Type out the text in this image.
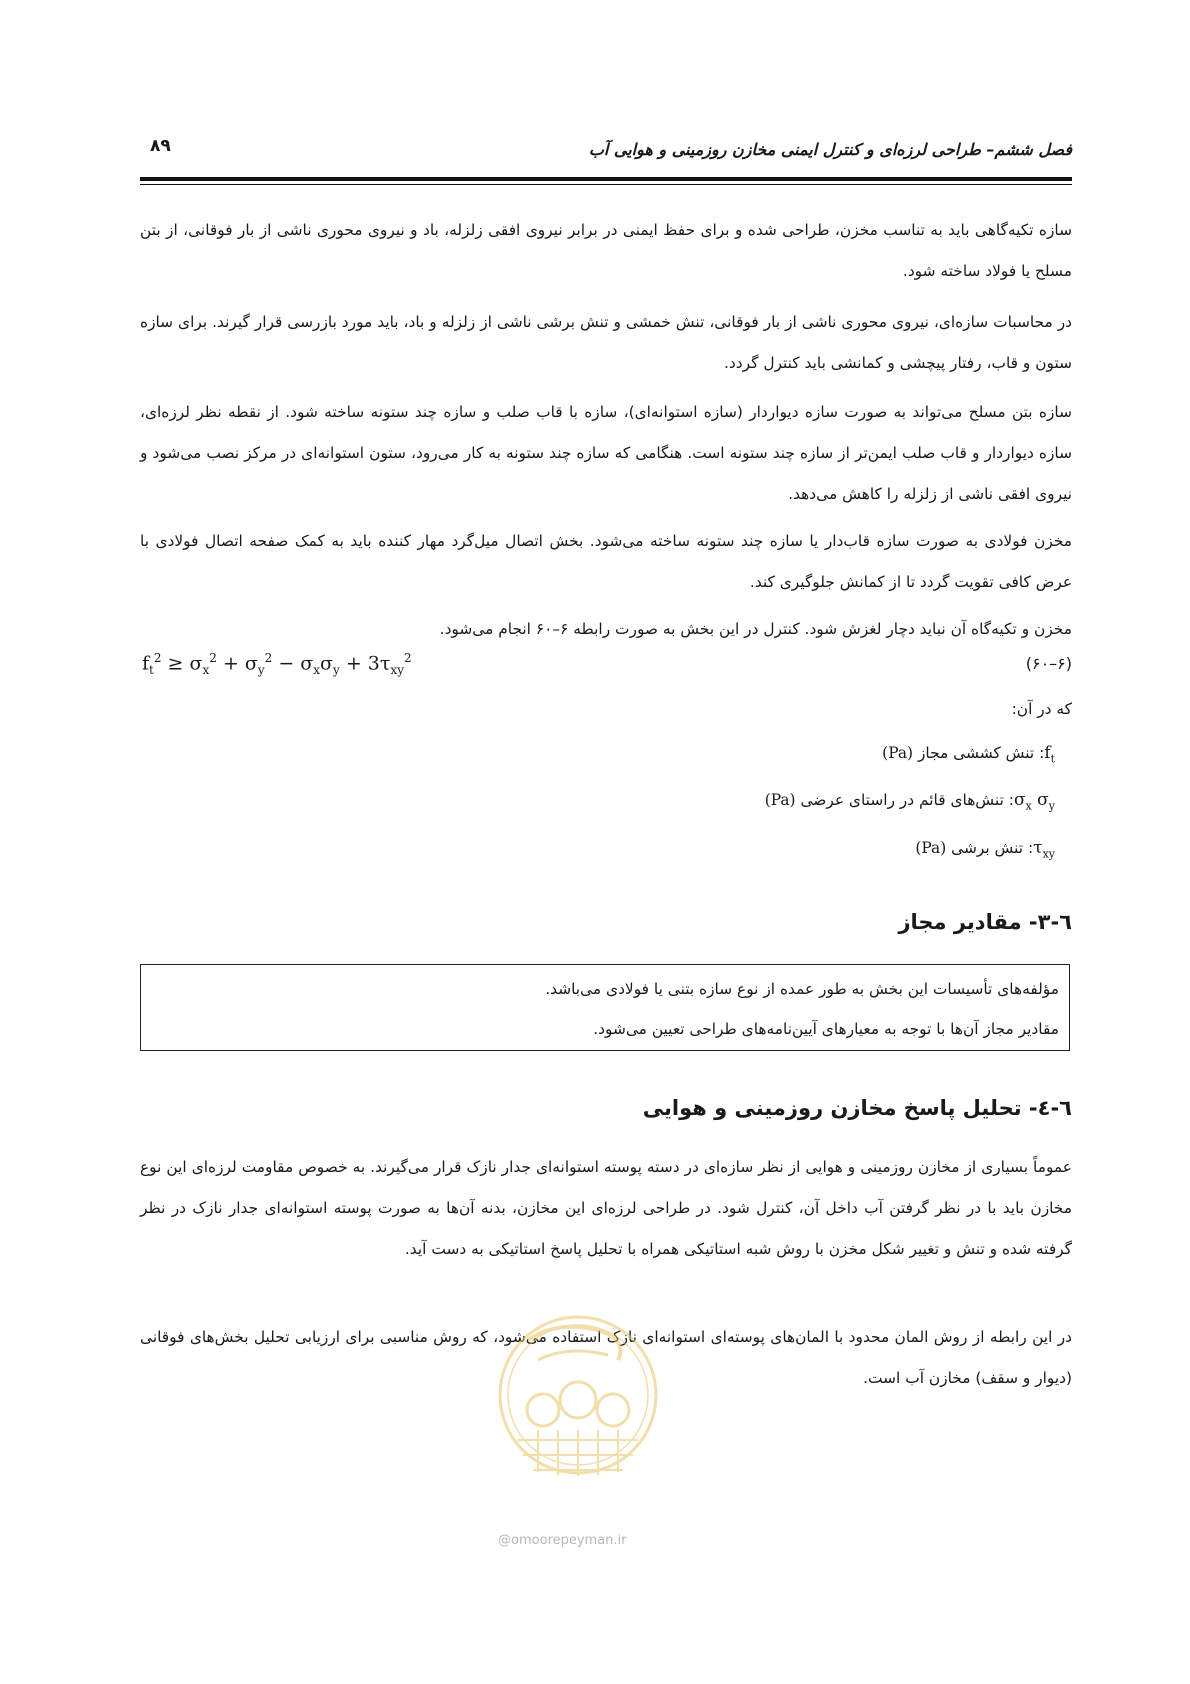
۸۹	فصل ششم– طراحی لرزه‌ای و کنترل ایمنی مخازن روزمینی و هوایی آب

سازه تکیه‌گاهی باید به تناسب مخزن، طراحی شده و برای حفظ ایمنی در برابر نیروی افقی زلزله، باد و نیروی محوری ناشی از بار فوقانی، از بتن مسلح یا فولاد ساخته شود.

در محاسبات سازه‌ای، نیروی محوری ناشی از بار فوقانی، تنش خمشی و تنش برشی ناشی از زلزله و باد، باید مورد بازرسی قرار گیرند. برای سازه ستون و قاب، رفتار پیچشی و کمانشی باید کنترل گردد.

سازه بتن مسلح می‌تواند به صورت سازه دیواردار (سازه استوانه‌ای)، سازه با قاب صلب و سازه چند ستونه ساخته شود. از نقطه نظر لرزه‌ای، سازه دیواردار و قاب صلب ایمن‌تر از سازه چند ستونه است. هنگامی که سازه چند ستونه به کار می‌رود، ستون استوانه‌ای در مرکز نصب می‌شود و نیروی افقی ناشی از زلزله را کاهش می‌دهد.

مخزن فولادی به صورت سازه قاب‌دار یا سازه چند ستونه ساخته می‌شود. بخش اتصال میل‌گرد مهار کننده باید به کمک صفحه اتصال فولادی با عرض کافی تقویت گردد تا از کمانش جلوگیری کند.

مخزن و تکیه‌گاه آن نباید دچار لغزش شود. کنترل در این بخش به صورت رابطه ۶–۶۰ انجام می‌شود.

$f_t^2 \ge \sigma_x^2 + \sigma_y^2 - \sigma_x\sigma_y + 3\tau_{xy}^2$	(۶–۶۰)
که در آن:
$f_t$: تنش کششی مجاز (Pa)
$\sigma_x$ $\sigma_y$: تنش‌های قائم در راستای عرضی (Pa)
$\tau_{xy}$: تنش برشی (Pa)
٦-٣- مقادیر مجاز
مؤلفه‌های تأسیسات این بخش به طور عمده از نوع سازه بتنی یا فولادی می‌باشد.
مقادیر مجاز آن‌ها با توجه به معیارهای آیین‌نامه‌های طراحی تعیین می‌شود.
٦-٤- تحلیل پاسخ مخازن روزمینی و هوایی

عموماً بسیاری از مخازن روزمینی و هوایی از نظر سازه‌ای در دسته پوسته استوانه‌ای جدار نازک قرار می‌گیرند. به خصوص مقاومت لرزه‌ای این نوع مخازن باید با در نظر گرفتن آب داخل آن، کنترل شود. در طراحی لرزه‌ای این مخازن، بدنه آن‌ها به صورت پوسته استوانه‌ای جدار نازک در نظر گرفته شده و تنش و تغییر شکل مخزن با روش شبه استاتیکی همراه با تحلیل پاسخ استاتیکی به دست آید.

در این رابطه از روش المان محدود با المان‌های پوسته‌ای استوانه‌ای نازک استفاده می‌شود، که روش مناسبی برای ارزیابی تحلیل بخش‌های فوقانی (دیوار و سقف) مخازن آب است.

@omoorepeyman.ir
